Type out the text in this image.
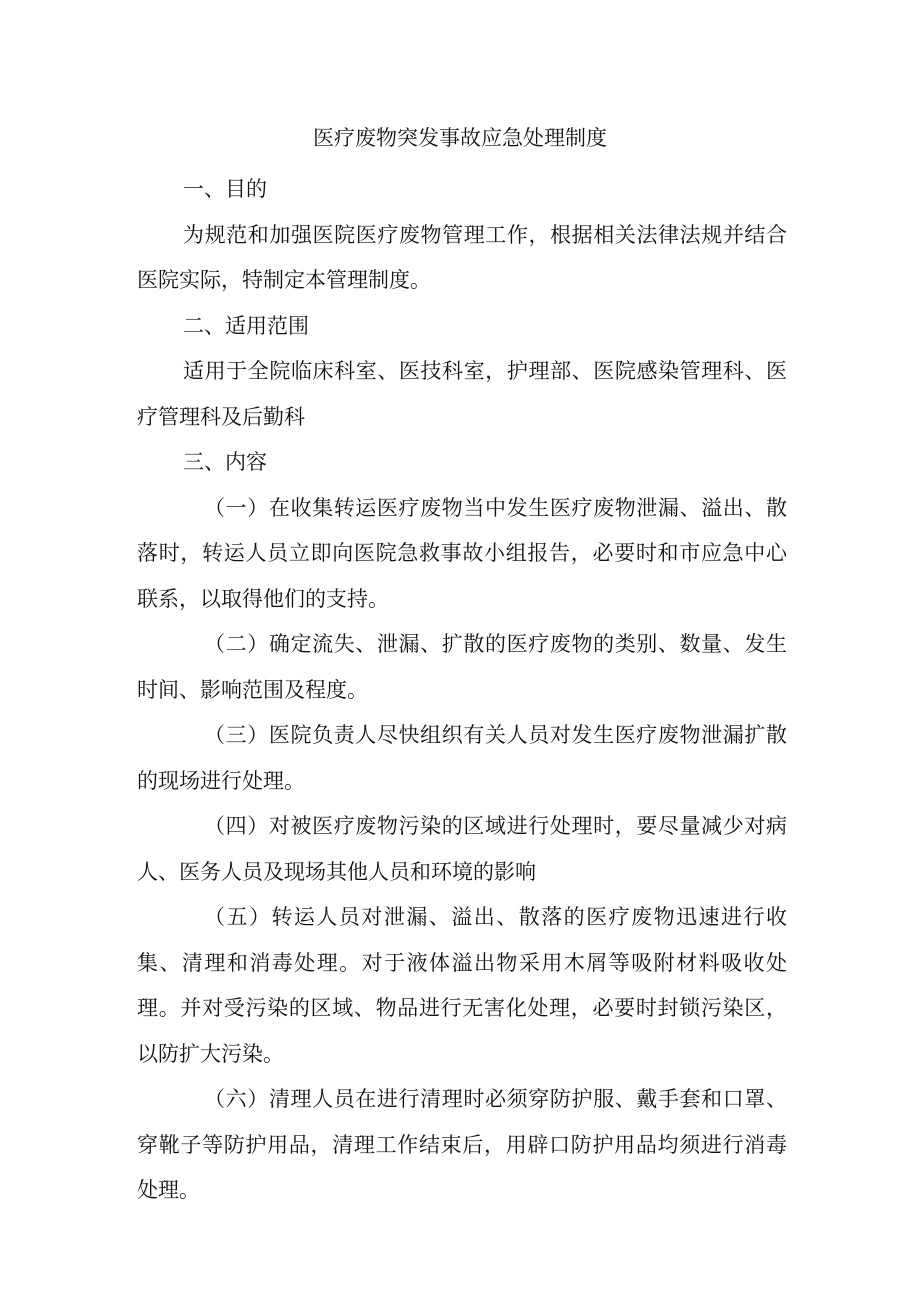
医疗废物突发事故应急处理制度

一、目的

为规范和加强医院医疗废物管理工作，根据相关法律法规并结合医院实际，特制定本管理制度。

二、适用范围

适用于全院临床科室、医技科室，护理部、医院感染管理科、医疗管理科及后勤科

三、内容

（一）在收集转运医疗废物当中发生医疗废物泄漏、溢出、散落时，转运人员立即向医院急救事故小组报告，必要时和市应急中心联系，以取得他们的支持。

（二）确定流失、泄漏、扩散的医疗废物的类别、数量、发生时间、影响范围及程度。

（三）医院负责人尽快组织有关人员对发生医疗废物泄漏扩散的现场进行处理。

（四）对被医疗废物污染的区域进行处理时，要尽量减少对病人、医务人员及现场其他人员和环境的影响

（五）转运人员对泄漏、溢出、散落的医疗废物迅速进行收集、清理和消毒处理。对于液体溢出物采用木屑等吸附材料吸收处理。并对受污染的区域、物品进行无害化处理，必要时封锁污染区，以防扩大污染。

（六）清理人员在进行清理时必须穿防护服、戴手套和口罩、穿靴子等防护用品，清理工作结束后，用辟口防护用品均须进行消毒处理。
